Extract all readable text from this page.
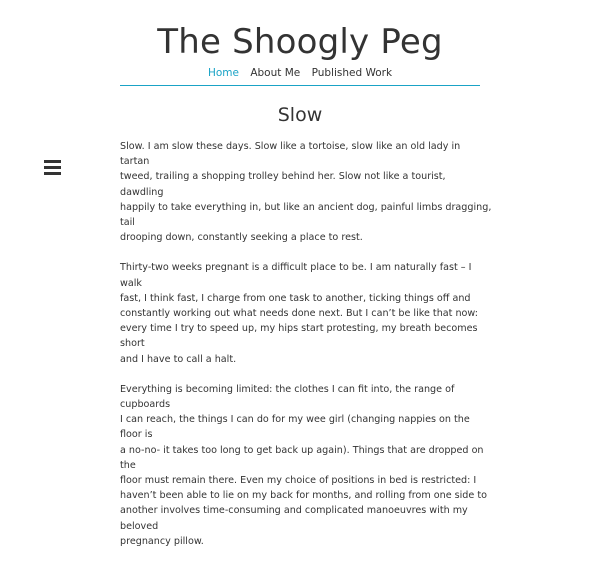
The Shoogly Peg
Home About Me Published Work
Slow

Slow. I am slow these days. Slow like a tortoise, slow like an old lady in tartan
tweed, trailing a shopping trolley behind her. Slow not like a tourist, dawdling
happily to take everything in, but like an ancient dog, painful limbs dragging, tail
drooping down, constantly seeking a place to rest.

Thirty-two weeks pregnant is a difficult place to be. I am naturally fast – I walk
fast, I think fast, I charge from one task to another, ticking things off and
constantly working out what needs done next. But I can’t be like that now:
every time I try to speed up, my hips start protesting, my breath becomes short
and I have to call a halt.

Everything is becoming limited: the clothes I can fit into, the range of cupboards
I can reach, the things I can do for my wee girl (changing nappies on the floor is
a no-no- it takes too long to get back up again). Things that are dropped on the
floor must remain there. Even my choice of positions in bed is restricted: I
haven’t been able to lie on my back for months, and rolling from one side to
another involves time-consuming and complicated manoeuvres with my beloved
pregnancy pillow.
